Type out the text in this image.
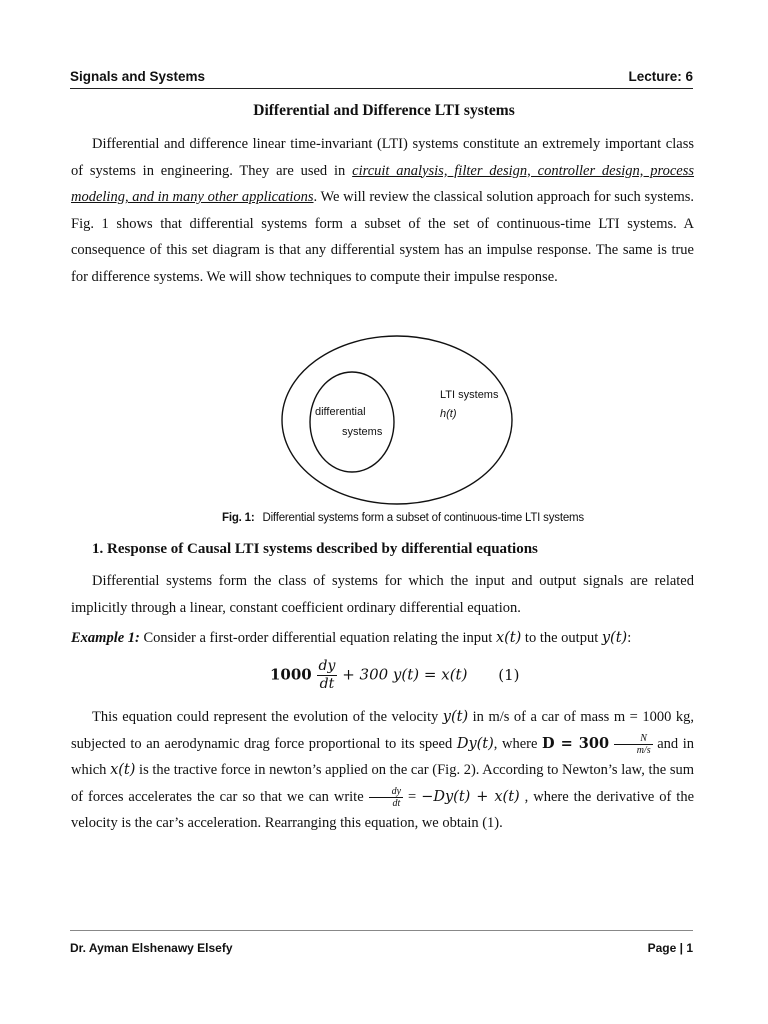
Signals and Systems	Lecture: 6
Differential and Difference LTI systems
Differential and difference linear time-invariant (LTI) systems constitute an extremely important class of systems in engineering. They are used in circuit analysis, filter design, controller design, process modeling, and in many other applications. We will review the classical solution approach for such systems. Fig. 1 shows that differential systems form a subset of the set of continuous-time LTI systems. A consequence of this set diagram is that any differential system has an impulse response. The same is true for difference systems. We will show techniques to compute their impulse response.
differential
systems
LTI systems
h(t)
Fig. 1: Differential systems form a subset of continuous-time LTI systems
1. Response of Causal LTI systems described by differential equations
Differential systems form the class of systems for which the input and output signals are related implicitly through a linear, constant coefficient ordinary differential equation.
Example 1: Consider a first-order differential equation relating the input x(t) to the output y(t):
$1000 \frac{dy}{dt} + 300$ y(t) = x(t) (1)
This equation could represent the evolution of the velocity y(t) in m/s of a car of mass m = 1000 kg, subjected to an aerodynamic drag force proportional to its speed Dy(t), where $D = 300 \frac{N}{m/s}$ and in which x(t) is the tractive force in newton’s applied on the car (Fig. 2). According to Newton’s law, the sum of forces accelerates the car so that we can write $\frac{dy}{dt} = -Dy(t) + x(t)$ , where the derivative of the velocity is the car’s acceleration. Rearranging this equation, we obtain (1).
Dr. Ayman Elshenawy Elsefy	Page | 1
